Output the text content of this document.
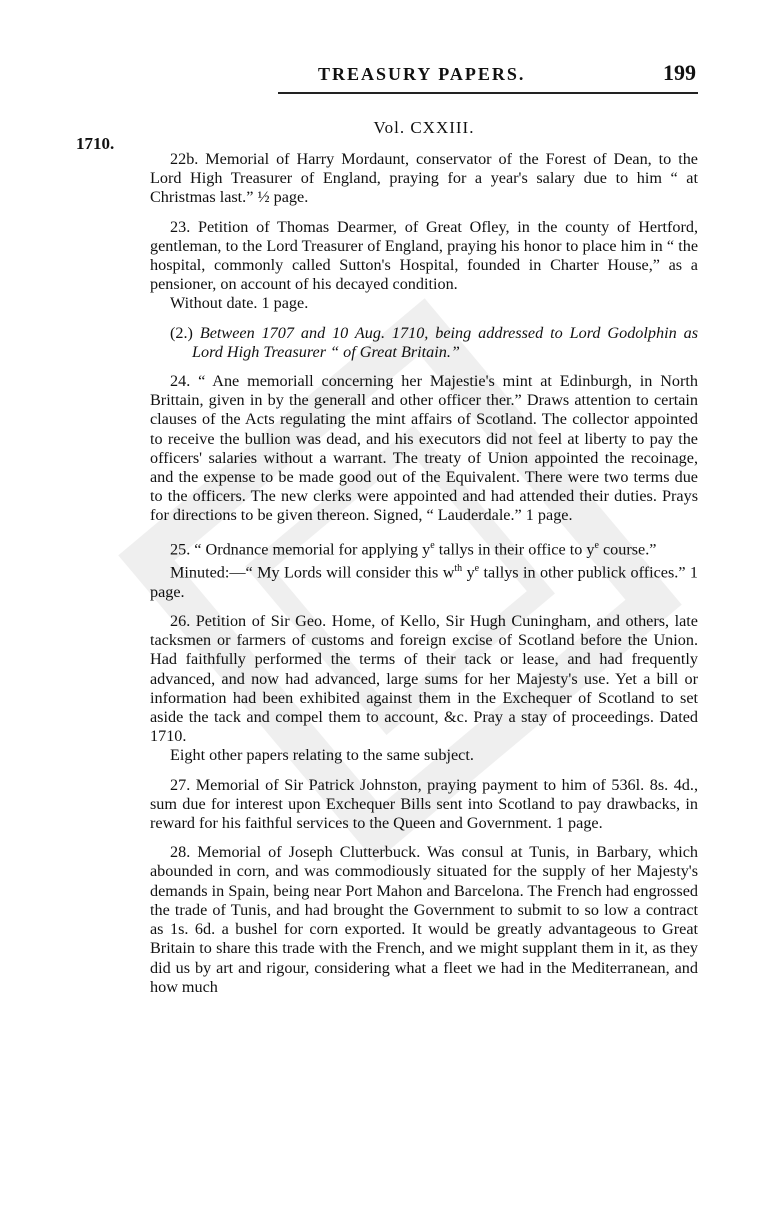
TREASURY PAPERS.	199
1710.
Vol. CXXIII.

22b. Memorial of Harry Mordaunt, conservator of the Forest of Dean, to the Lord High Treasurer of England, praying for a year's salary due to him “ at Christmas last.” ½ page.

23. Petition of Thomas Dearmer, of Great Ofley, in the county of Hertford, gentleman, to the Lord Treasurer of England, praying his honor to place him in “ the hospital, commonly called Sutton's Hospital, founded in Charter House,” as a pensioner, on account of his decayed condition.

Without date. 1 page.

(2.) Between 1707 and 10 Aug. 1710, being addressed to Lord Godolphin as Lord High Treasurer “ of Great Britain.”

24. “ Ane memoriall concerning her Majestie's mint at Edinburgh, in North Brittain, given in by the generall and other officer ther.” Draws attention to certain clauses of the Acts regulating the mint affairs of Scotland. The collector appointed to receive the bullion was dead, and his executors did not feel at liberty to pay the officers' salaries without a warrant. The treaty of Union appointed the recoinage, and the expense to be made good out of the Equivalent. There were two terms due to the officers. The new clerks were appointed and had attended their duties. Prays for directions to be given thereon. Signed, “ Lauderdale.” 1 page.

25. “ Ordnance memorial for applying $y^e$ tallys in their office to $y^e$ course.”

Minuted:—“ My Lords will consider this $w^{th}$ $y^e$ tallys in other publick offices.” 1 page.

26. Petition of Sir Geo. Home, of Kello, Sir Hugh Cuningham, and others, late tacksmen or farmers of customs and foreign excise of Scotland before the Union. Had faithfully performed the terms of their tack or lease, and had frequently advanced, and now had advanced, large sums for her Majesty's use. Yet a bill or information had been exhibited against them in the Exchequer of Scotland to set aside the tack and compel them to account, &c. Pray a stay of proceedings. Dated 1710.

Eight other papers relating to the same subject.

27. Memorial of Sir Patrick Johnston, praying payment to him of 536l. 8s. 4d., sum due for interest upon Exchequer Bills sent into Scotland to pay drawbacks, in reward for his faithful services to the Queen and Government. 1 page.

28. Memorial of Joseph Clutterbuck. Was consul at Tunis, in Barbary, which abounded in corn, and was commodiously situated for the supply of her Majesty's demands in Spain, being near Port Mahon and Barcelona. The French had engrossed the trade of Tunis, and had brought the Government to submit to so low a contract as 1s. 6d. a bushel for corn exported. It would be greatly advantageous to Great Britain to share this trade with the French, and we might supplant them in it, as they did us by art and rigour, considering what a fleet we had in the Mediterranean, and how much
